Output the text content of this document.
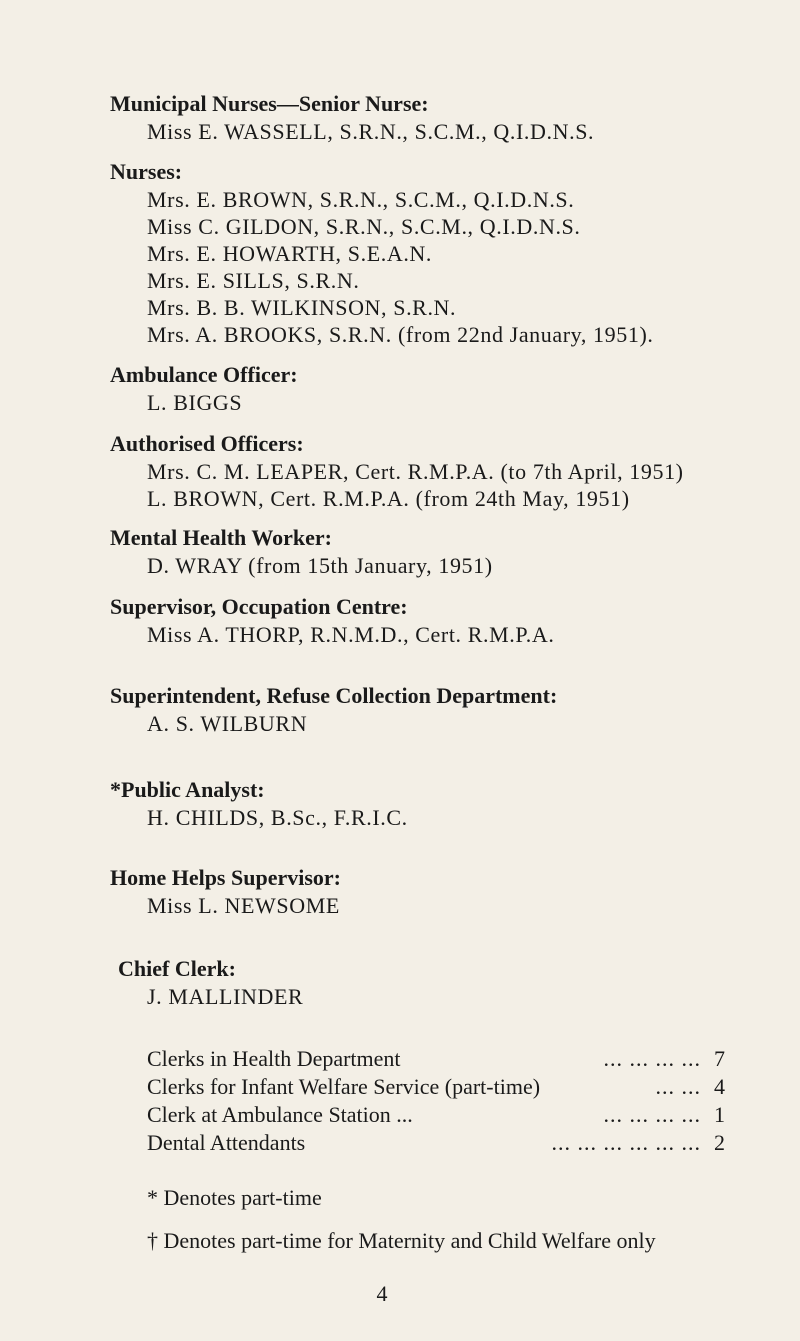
Municipal Nurses—Senior Nurse:

Miss E. WASSELL, S.R.N., S.C.M., Q.I.D.N.S.

Nurses:

Mrs. E. BROWN, S.R.N., S.C.M., Q.I.D.N.S.

Miss C. GILDON, S.R.N., S.C.M., Q.I.D.N.S.

Mrs. E. HOWARTH, S.E.A.N.

Mrs. E. SILLS, S.R.N.

Mrs. B. B. WILKINSON, S.R.N.

Mrs. A. BROOKS, S.R.N. (from 22nd January, 1951).

Ambulance Officer:

L. BIGGS

Authorised Officers:

Mrs. C. M. LEAPER, Cert. R.M.P.A. (to 7th April, 1951)

L. BROWN, Cert. R.M.P.A. (from 24th May, 1951)

Mental Health Worker:

D. WRAY (from 15th January, 1951)

Supervisor, Occupation Centre:

Miss A. THORP, R.N.M.D., Cert. R.M.P.A.

Superintendent, Refuse Collection Department:

A. S. WILBURN

*Public Analyst:

H. CHILDS, B.Sc., F.R.I.C.

Home Helps Supervisor:

Miss L. NEWSOME

Chief Clerk:

J. MALLINDER

Clerks in Health Department	... ... ... ... 7
Clerks for Infant Welfare Service (part-time)	... ... 4
Clerk at Ambulance Station ...	... ... ... ... 1
Dental Attendants	... ... ... ... ... ... 2
* Denotes part-time
† Denotes part-time for Maternity and Child Welfare only
4
